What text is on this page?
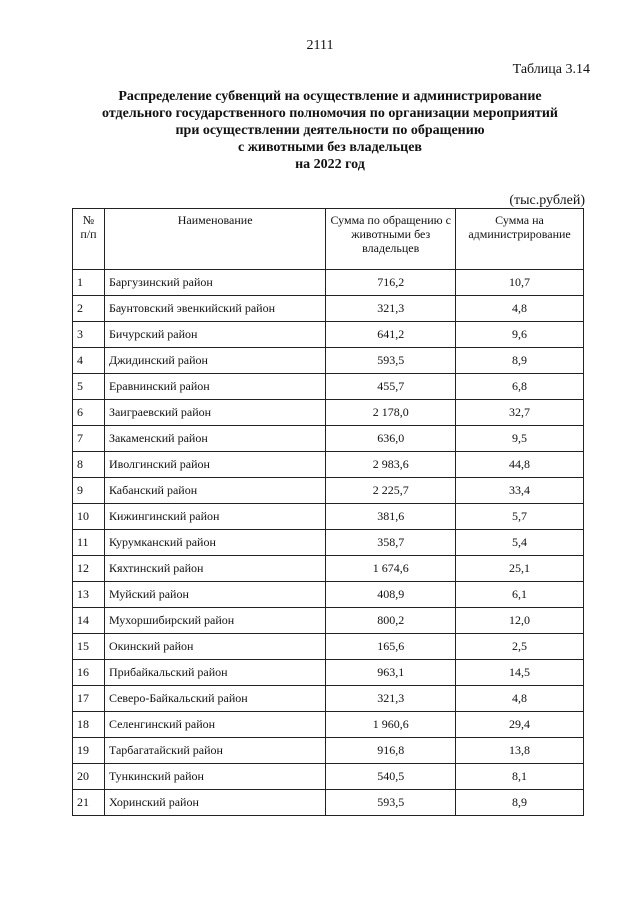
2111
Таблица 3.14
Распределение субвенций на осуществление и администрирование
отдельного государственного полномочия по организации мероприятий
при осуществлении деятельности по обращению
с животными без владельцев
на 2022 год
(тыс.рублей)
№ п/п	Наименование	Сумма по обращению с животными без владельцев	Сумма на администрирование
1	Баргузинский район	716,2	10,7
2	Баунтовский эвенкийский район	321,3	4,8
3	Бичурский район	641,2	9,6
4	Джидинский район	593,5	8,9
5	Еравнинский район	455,7	6,8
6	Заиграевский район	2 178,0	32,7
7	Закаменский район	636,0	9,5
8	Иволгинский район	2 983,6	44,8
9	Кабанский район	2 225,7	33,4
10	Кижингинский район	381,6	5,7
11	Курумканский район	358,7	5,4
12	Кяхтинский район	1 674,6	25,1
13	Муйский район	408,9	6,1
14	Мухоршибирский район	800,2	12,0
15	Окинский район	165,6	2,5
16	Прибайкальский район	963,1	14,5
17	Северо-Байкальский район	321,3	4,8
18	Селенгинский район	1 960,6	29,4
19	Тарбагатайский район	916,8	13,8
20	Тункинский район	540,5	8,1
21	Хоринский район	593,5	8,9
